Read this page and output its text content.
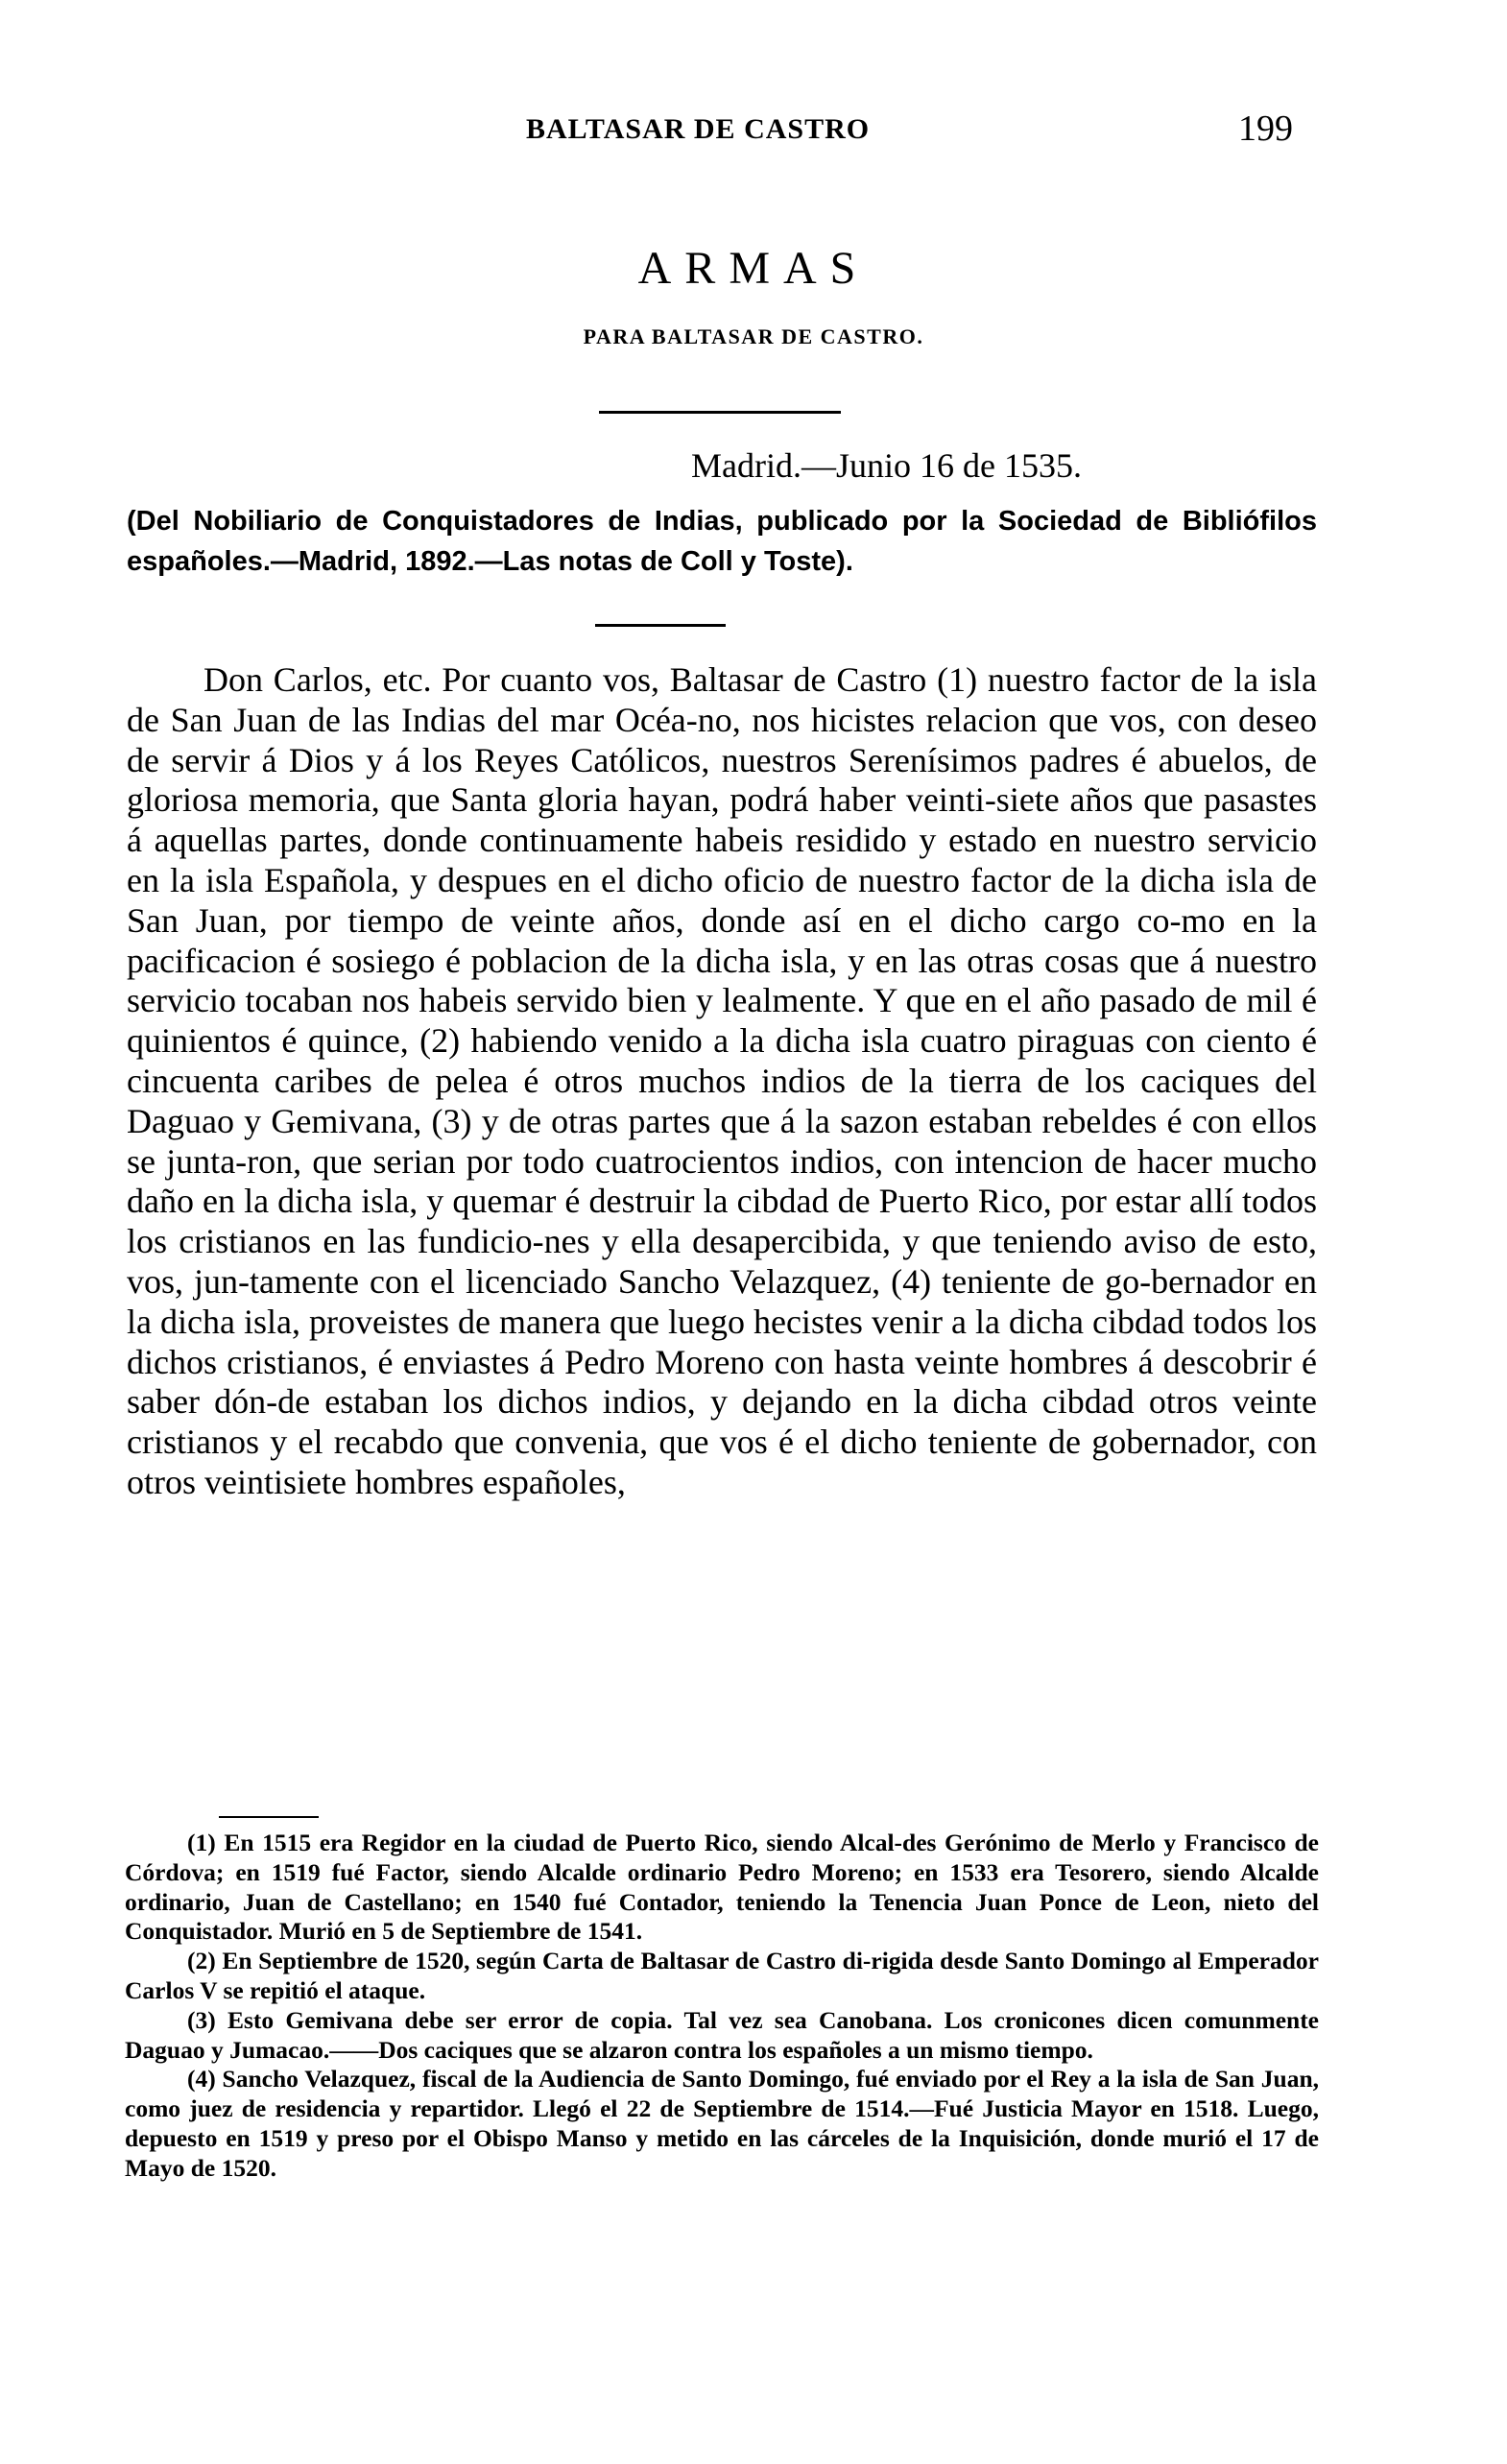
BALTASAR DE CASTRO	199
ARMAS
PARA BALTASAR DE CASTRO.
Madrid.—Junio 16 de 1535.
(Del Nobiliario de Conquistadores de Indias, publicado por la Sociedad de Bibliófilos españoles.—Madrid, 1892.—Las notas de Coll y Toste).
Don Carlos, etc. Por cuanto vos, Baltasar de Castro (1) nuestro factor de la isla de San Juan de las Indias del mar Océa-no, nos hicistes relacion que vos, con deseo de servir á Dios y á los Reyes Católicos, nuestros Serenísimos padres é abuelos, de gloriosa memoria, que Santa gloria hayan, podrá haber veinti-siete años que pasastes á aquellas partes, donde continuamente habeis residido y estado en nuestro servicio en la isla Española, y despues en el dicho oficio de nuestro factor de la dicha isla de San Juan, por tiempo de veinte años, donde así en el dicho cargo co-mo en la pacificacion é sosiego é poblacion de la dicha isla, y en las otras cosas que á nuestro servicio tocaban nos habeis servido bien y lealmente. Y que en el año pasado de mil é quinientos é quince, (2) habiendo venido a la dicha isla cuatro piraguas con ciento é cincuenta caribes de pelea é otros muchos indios de la tierra de los caciques del Daguao y Gemivana, (3) y de otras partes que á la sazon estaban rebeldes é con ellos se junta-ron, que serian por todo cuatrocientos indios, con intencion de hacer mucho daño en la dicha isla, y quemar é destruir la cibdad de Puerto Rico, por estar allí todos los cristianos en las fundicio-nes y ella desapercibida, y que teniendo aviso de esto, vos, jun-tamente con el licenciado Sancho Velazquez, (4) teniente de go-bernador en la dicha isla, proveistes de manera que luego hecistes venir a la dicha cibdad todos los dichos cristianos, é enviastes á Pedro Moreno con hasta veinte hombres á descobrir é saber dón-de estaban los dichos indios, y dejando en la dicha cibdad otros veinte cristianos y el recabdo que convenia, que vos é el dicho teniente de gobernador, con otros veintisiete hombres españoles,

(1) En 1515 era Regidor en la ciudad de Puerto Rico, siendo Alcal-des Gerónimo de Merlo y Francisco de Córdova; en 1519 fué Factor, siendo Alcalde ordinario Pedro Moreno; en 1533 era Tesorero, siendo Alcalde ordinario, Juan de Castellano; en 1540 fué Contador, teniendo la Tenencia Juan Ponce de Leon, nieto del Conquistador. Murió en 5 de Septiembre de 1541.

(2) En Septiembre de 1520, según Carta de Baltasar de Castro di-rigida desde Santo Domingo al Emperador Carlos V se repitió el ataque.

(3) Esto Gemivana debe ser error de copia. Tal vez sea Canobana. Los cronicones dicen comunmente Daguao y Jumacao.——Dos caciques que se alzaron contra los españoles a un mismo tiempo.

(4) Sancho Velazquez, fiscal de la Audiencia de Santo Domingo, fué enviado por el Rey a la isla de San Juan, como juez de residencia y repartidor. Llegó el 22 de Septiembre de 1514.—Fué Justicia Mayor en 1518. Luego, depuesto en 1519 y preso por el Obispo Manso y metido en las cárceles de la Inquisición, donde murió el 17 de Mayo de 1520.
